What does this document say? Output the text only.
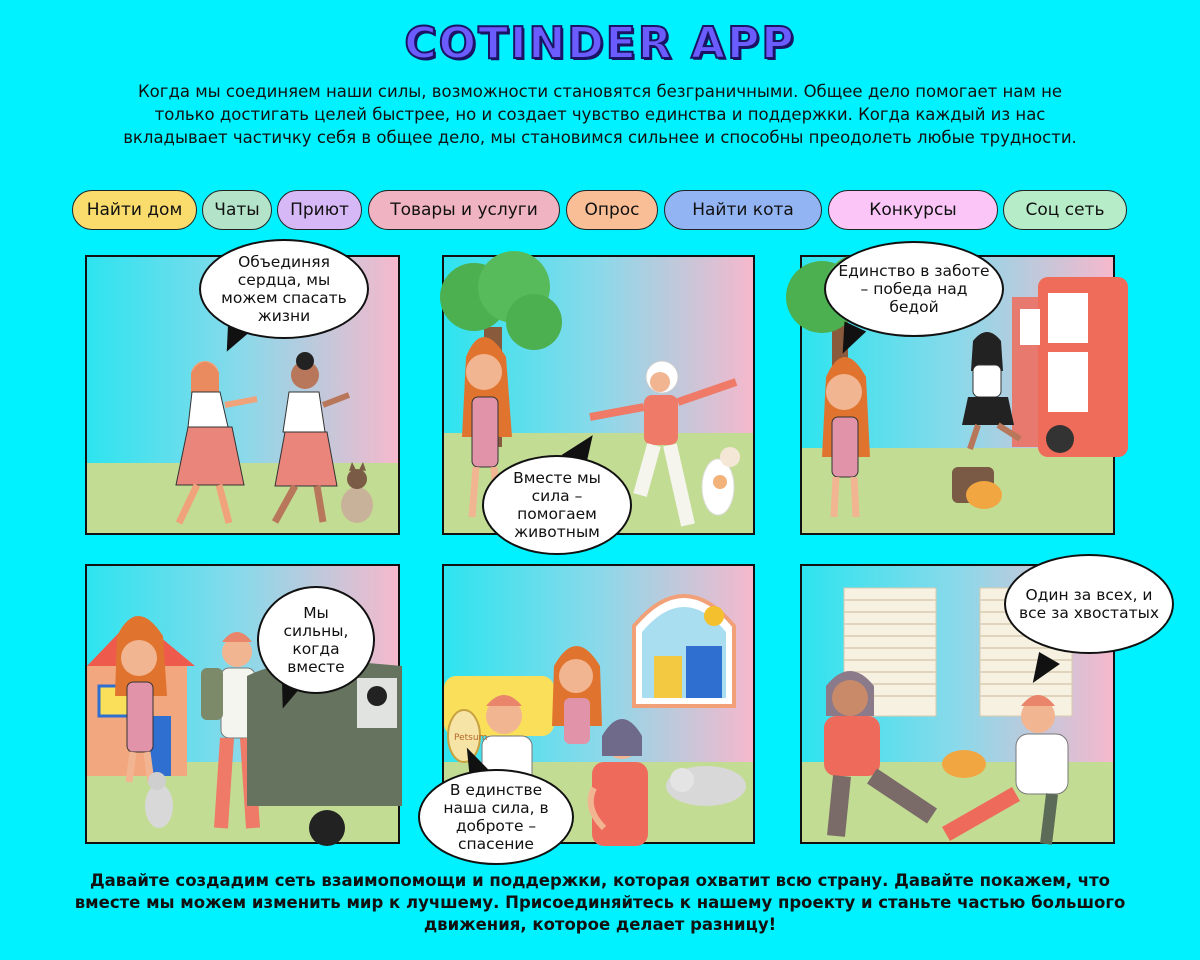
COTINDER APP
Когда мы соединяем наши силы, возможности становятся безграничными. Общее дело помогает нам не только достигать целей быстрее, но и создает чувство единства и поддержки. Когда каждый из нас вкладывает частичку себя в общее дело, мы становимся сильнее и способны преодолеть любые трудности.
Найти дом	Чаты	Приют	Товары и услуги	Опрос	Найти кота	Конкурсы	Соц сеть
Объединяя сердца, мы можем спасать жизни
Вместе мы сила – помогаем животным
Единство в заботе – победа над бедой
Мы сильны, когда вместе
Petsum
В единстве наша сила, в доброте – спасение
Один за всех, и все за хвостатых
Давайте создадим сеть взаимопомощи и поддержки, которая охватит всю страну. Давайте покажем, что вместе мы можем изменить мир к лучшему. Присоединяйтесь к нашему проекту и станьте частью большого движения, которое делает разницу!
